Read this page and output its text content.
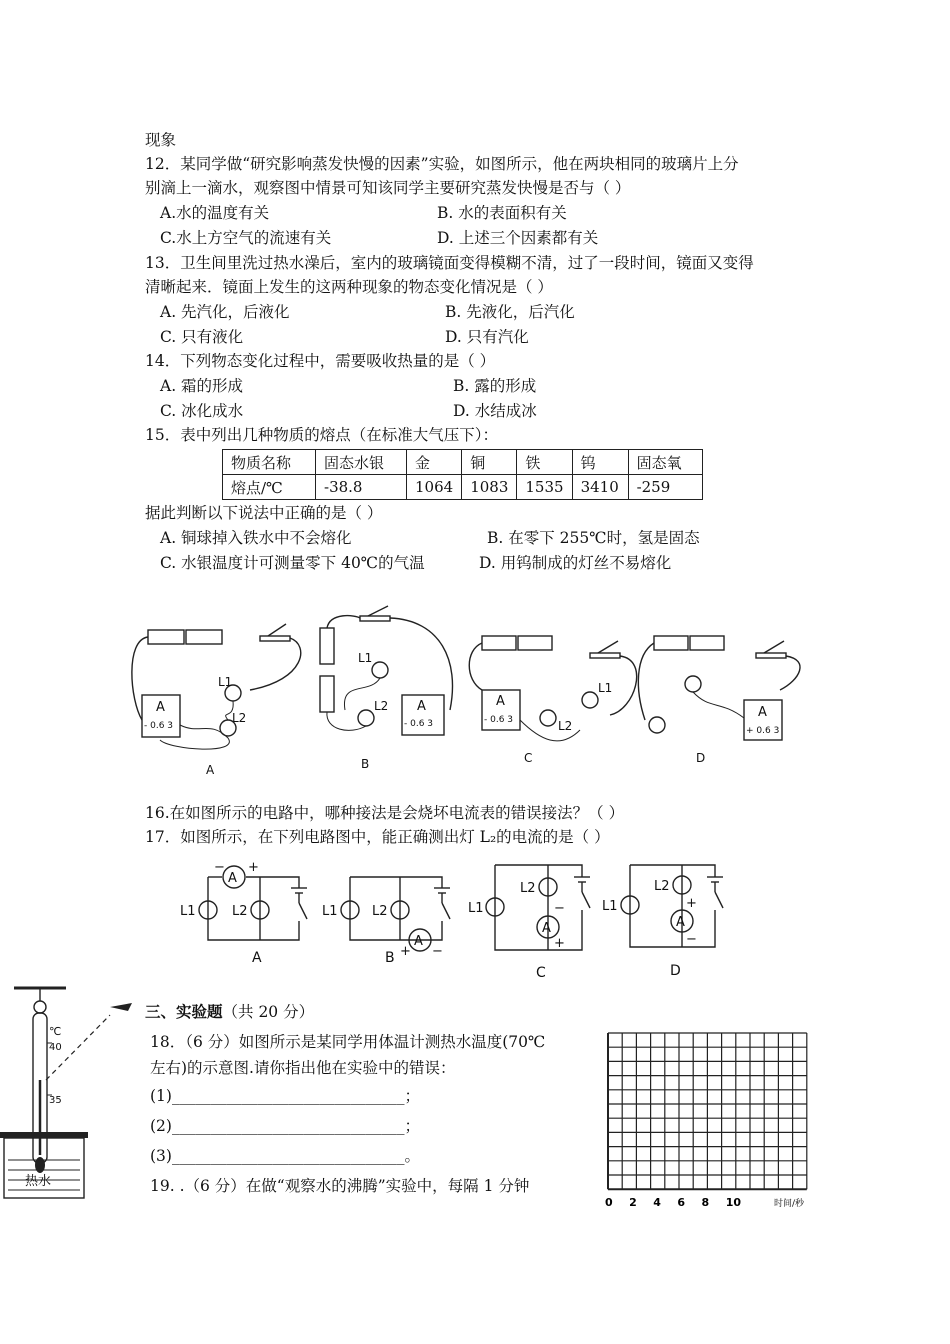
现象
12．某同学做“研究影响蒸发快慢的因素”实验，如图所示，他在两块相同的玻璃片上分
别滴上一滴水，观察图中情景可知该同学主要研究蒸发快慢是否与（ ）
A.水的温度有关	B. 水的表面积有关
C.水上方空气的流速有关	D. 上述三个因素都有关
13．卫生间里洗过热水澡后，室内的玻璃镜面变得模糊不清，过了一段时间，镜面又变得
清晰起来．镜面上发生的这两种现象的物态变化情况是（ ）
A. 先汽化，后液化	B. 先液化，后汽化
C. 只有液化	D. 只有汽化
14．下列物态变化过程中，需要吸收热量的是（ ）
A. 霜的形成	B. 露的形成
C. 冰化成水	D. 水结成冰
15．表中列出几种物质的熔点（在标准大气压下）：
物质名称	固态水银	金	铜	铁	钨	固态氧
熔点/℃	-38.8	1064	1083	1535	3410	-259
据此判断以下说法中正确的是（ ）
A. 铜球掉入铁水中不会熔化	B. 在零下 255℃时，氢是固态
C. 水银温度计可测量零下 40℃的气温	D. 用钨制成的灯丝不易熔化
A
- 0.6 3
L1
L2
A
A
- 0.6 3
L1
L2
B
A
- 0.6 3
L1
L2
C
A
+ 0.6 3
D
16.在如图所示的电路中，哪种接法是会烧坏电流表的错误接法？（ ）
17．如图所示，在下列电路图中，能正确测出灯 L₂的电流的是（ ）
A
− +
L1	L2
A
A
+ −
L1	L2
B
A
−
+
L1
L2
C
A
+
−
L1
L2
D
三、实验题（共 20 分）
18．（6 分）如图所示是某同学用体温计测热水温度(70℃
左右)的示意图.请你指出他在实验中的错误：
(1)______________________________；
(2)______________________________；
(3)______________________________。
19. .（6 分）在做“观察水的沸腾”实验中，每隔 1 分钟
℃
40
35
热水
0 2 4 6 8 10	时间/秒
